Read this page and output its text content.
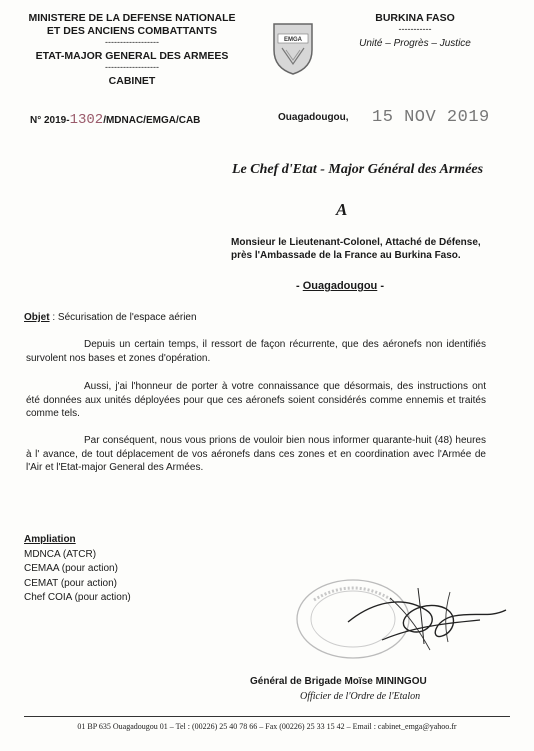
MINISTERE DE LA DEFENSE NATIONALE
ET DES ANCIENS COMBATTANTS
------------------
ETAT-MAJOR GENERAL DES ARMEES
------------------
CABINET
EMGA
BURKINA FASO
-----------
Unité – Progrès – Justice
N° 2019-1302/MDNAC/EMGA/CAB	Ouagadougou, 15 NOV 2019
Le Chef d'Etat - Major Général des Armées
A
Monsieur le Lieutenant-Colonel, Attaché de Défense, près l'Ambassade de la France au Burkina Faso.
- Ouagadougou -
Objet : Sécurisation de l'espace aérien
Depuis un certain temps, il ressort de façon récurrente, que des aéronefs non identifiés survolent nos bases et zones d'opération.
Aussi, j'ai l'honneur de porter à votre connaissance que désormais, des instructions ont été données aux unités déployées pour que ces aéronefs soient considérés comme ennemis et traités comme tels.
Par conséquent, nous vous prions de vouloir bien nous informer quarante-huit (48) heures à l' avance, de tout déplacement de vos aéronefs dans ces zones et en coordination avec l'Armée de l'Air et l'Etat-major General des Armées.
Ampliation
MDNCA (ATCR)
CEMAA (pour action)
CEMAT (pour action)
Chef COIA (pour action)
Général de Brigade Moïse MININGOU
Officier de l'Ordre de l'Etalon
01 BP 635 Ouagadougou 01 – Tel : (00226) 25 40 78 66 – Fax (00226) 25 33 15 42 – Email : cabinet_emga@yahoo.fr
